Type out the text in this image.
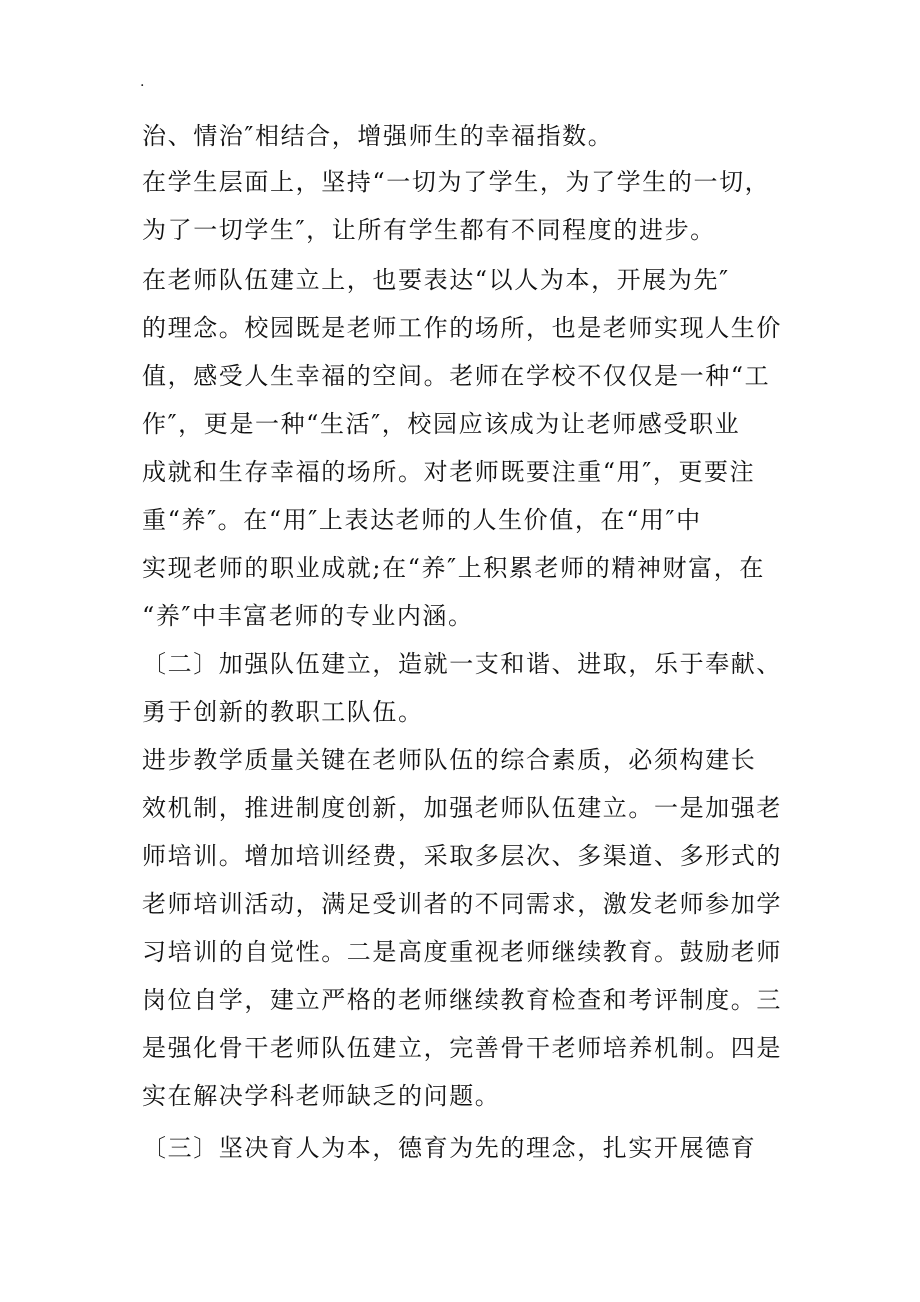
.
治、情治″相结合，增强师生的幸福指数。
在学生层面上，坚持“一切为了学生，为了学生的一切，
为了一切学生″，让所有学生都有不同程度的进步。
在老师队伍建立上，也要表达“以人为本，开展为先″
的理念。校园既是老师工作的场所，也是老师实现人生价
值，感受人生幸福的空间。老师在学校不仅仅是一种“工
作″，更是一种“生活″，校园应该成为让老师感受职业
成就和生存幸福的场所。对老师既要注重“用″，更要注
重“养″。在“用″上表达老师的人生价值，在“用″中
实现老师的职业成就;在“养″上积累老师的精神财富，在
“养″中丰富老师的专业内涵。
〔二〕加强队伍建立，造就一支和谐、进取，乐于奉献、
勇于创新的教职工队伍。
进步教学质量关键在老师队伍的综合素质，必须构建长
效机制，推进制度创新，加强老师队伍建立。一是加强老
师培训。增加培训经费，采取多层次、多渠道、多形式的
老师培训活动，满足受训者的不同需求，激发老师参加学
习培训的自觉性。二是高度重视老师继续教育。鼓励老师
岗位自学，建立严格的老师继续教育检查和考评制度。三
是强化骨干老师队伍建立，完善骨干老师培养机制。四是
实在解决学科老师缺乏的问题。
〔三〕坚决育人为本，德育为先的理念，扎实开展德育
